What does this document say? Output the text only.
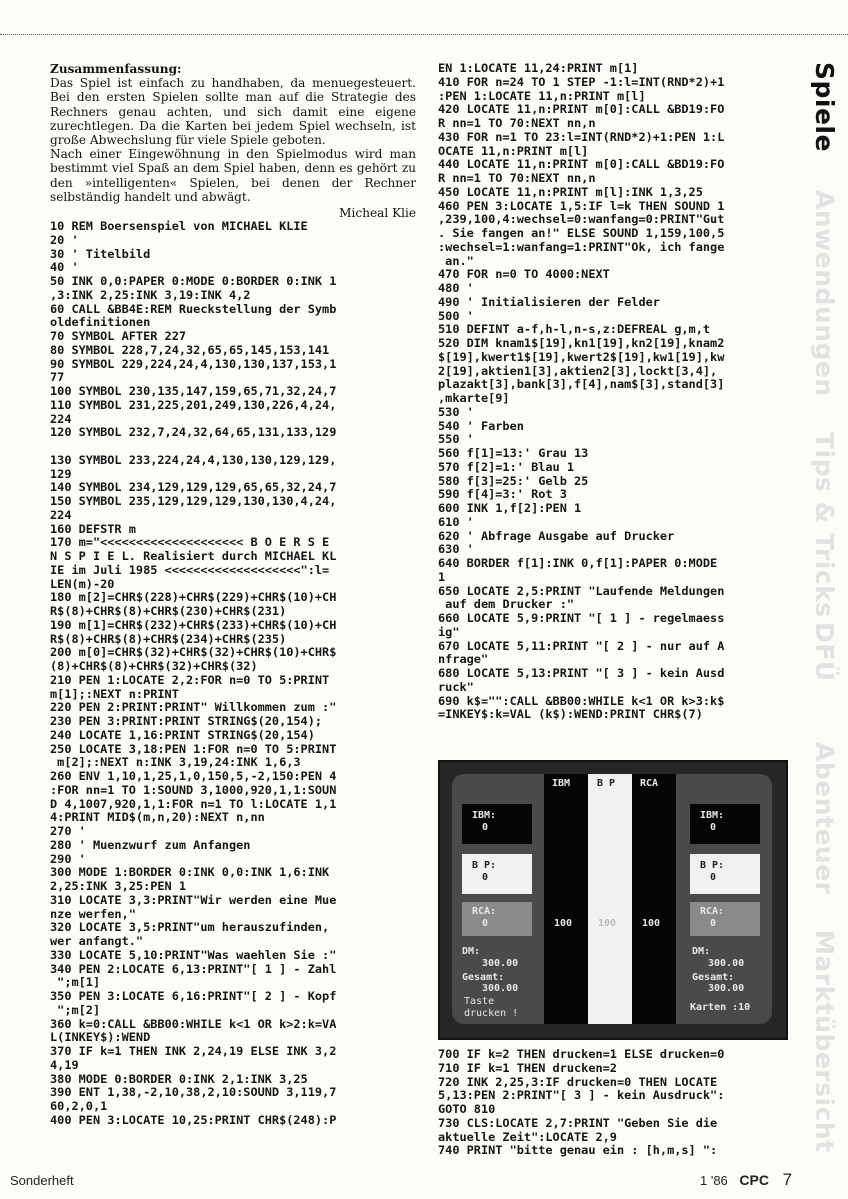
Zusammenfassung:

Das Spiel ist einfach zu handhaben, da menuegesteuert. Bei den ersten Spielen sollte man auf die Strategie des Rechners genau achten, und sich damit eine eigene zurechtlegen. Da die Karten bei jedem Spiel wechseln, ist große Abwechslung für viele Spiele geboten.

Nach einer Eingewöhnung in den Spielmodus wird man bestimmt viel Spaß an dem Spiel haben, denn es gehört zu den »intelligenten« Spielen, bei denen der Rechner selbständig handelt und abwägt.

Micheal Klie
10 REM Boersenspiel von MICHAEL KLIE
20 '
30 ' Titelbild
40 '
50 INK 0,0:PAPER 0:MODE 0:BORDER 0:INK 1
,3:INK 2,25:INK 3,19:INK 4,2
60 CALL &BB4E:REM Rueckstellung der Symb
oldefinitionen
70 SYMBOL AFTER 227
80 SYMBOL 228,7,24,32,65,65,145,153,141
90 SYMBOL 229,224,24,4,130,130,137,153,1
77
100 SYMBOL 230,135,147,159,65,71,32,24,7
110 SYMBOL 231,225,201,249,130,226,4,24,
224
120 SYMBOL 232,7,24,32,64,65,131,133,129

130 SYMBOL 233,224,24,4,130,130,129,129,
129
140 SYMBOL 234,129,129,129,65,65,32,24,7
150 SYMBOL 235,129,129,129,130,130,4,24,
224
160 DEFSTR m
170 m="<<<<<<<<<<<<<<<<<<<< B O E R S E
N S P I E L. Realisiert durch MICHAEL KL
IE im Juli 1985 <<<<<<<<<<<<<<<<<<<":l=
LEN(m)-20
180 m[2]=CHR$(228)+CHR$(229)+CHR$(10)+CH
R$(8)+CHR$(8)+CHR$(230)+CHR$(231)
190 m[1]=CHR$(232)+CHR$(233)+CHR$(10)+CH
R$(8)+CHR$(8)+CHR$(234)+CHR$(235)
200 m[0]=CHR$(32)+CHR$(32)+CHR$(10)+CHR$
(8)+CHR$(8)+CHR$(32)+CHR$(32)
210 PEN 1:LOCATE 2,2:FOR n=0 TO 5:PRINT
m[1];:NEXT n:PRINT
220 PEN 2:PRINT:PRINT" Willkommen zum :"
230 PEN 3:PRINT:PRINT STRING$(20,154);
240 LOCATE 1,16:PRINT STRING$(20,154)
250 LOCATE 3,18:PEN 1:FOR n=0 TO 5:PRINT
m[2];:NEXT n:INK 3,19,24:INK 1,6,3
260 ENV 1,10,1,25,1,0,150,5,-2,150:PEN 4
:FOR nn=1 TO 1:SOUND 3,1000,920,1,1:SOUN
D 4,1007,920,1,1:FOR n=1 TO l:LOCATE 1,1
4:PRINT MID$(m,n,20):NEXT n,nn
270 '
280 ' Muenzwurf zum Anfangen
290 '
300 MODE 1:BORDER 0:INK 0,0:INK 1,6:INK
2,25:INK 3,25:PEN 1
310 LOCATE 3,3:PRINT"Wir werden eine Mue
nze werfen,"
320 LOCATE 3,5:PRINT"um herauszufinden,
wer anfangt."
330 LOCATE 5,10:PRINT"Was waehlen Sie :"
340 PEN 2:LOCATE 6,13:PRINT"[ 1 ] - Zahl
";m[1]
350 PEN 3:LOCATE 6,16:PRINT"[ 2 ] - Kopf
";m[2]
360 k=0:CALL &BB00:WHILE k<1 OR k>2:k=VA
L(INKEY$):WEND
370 IF k=1 THEN INK 2,24,19 ELSE INK 3,2
4,19
380 MODE 0:BORDER 0:INK 2,1:INK 3,25
390 ENT 1,38,-2,10,38,2,10:SOUND 3,119,7
60,2,0,1
400 PEN 3:LOCATE 10,25:PRINT CHR$(248):P
EN 1:LOCATE 11,24:PRINT m[1]
410 FOR n=24 TO 1 STEP -1:l=INT(RND*2)+1
:PEN 1:LOCATE 11,n:PRINT m[l]
420 LOCATE 11,n:PRINT m[0]:CALL &BD19:FO
R nn=1 TO 70:NEXT nn,n
430 FOR n=1 TO 23:l=INT(RND*2)+1:PEN 1:L
OCATE 11,n:PRINT m[l]
440 LOCATE 11,n:PRINT m[0]:CALL &BD19:FO
R nn=1 TO 70:NEXT nn,n
450 LOCATE 11,n:PRINT m[l]:INK 1,3,25
460 PEN 3:LOCATE 1,5:IF l=k THEN SOUND 1
,239,100,4:wechsel=0:wanfang=0:PRINT"Gut
. Sie fangen an!" ELSE SOUND 1,159,100,5
:wechsel=1:wanfang=1:PRINT"Ok, ich fange
an."
470 FOR n=0 TO 4000:NEXT
480 '
490 ' Initialisieren der Felder
500 '
510 DEFINT a-f,h-l,n-s,z:DEFREAL g,m,t
520 DIM knam1$[19],kn1[19],kn2[19],knam2
$[19],kwert1$[19],kwert2$[19],kw1[19],kw
2[19],aktien1[3],aktien2[3],lockt[3,4],
plazakt[3],bank[3],f[4],nam$[3],stand[3]
,mkarte[9]
530 '
540 ' Farben
550 '
560 f[1]=13:' Grau 13
570 f[2]=1:' Blau 1
580 f[3]=25:' Gelb 25
590 f[4]=3:' Rot 3
600 INK 1,f[2]:PEN 1
610 '
620 ' Abfrage Ausgabe auf Drucker
630 '
640 BORDER f[1]:INK 0,f[1]:PAPER 0:MODE
1
650 LOCATE 2,5:PRINT "Laufende Meldungen
auf dem Drucker :"
660 LOCATE 5,9:PRINT "[ 1 ] - regelmaess
ig"
670 LOCATE 5,11:PRINT "[ 2 ] - nur auf A
nfrage"
680 LOCATE 5,13:PRINT "[ 3 ] - kein Ausd
ruck"
690 k$="":CALL &BB00:WHILE k<1 OR k>3:k$
=INKEY$:k=VAL (k$):WEND:PRINT CHR$(7)
IBM	B P RCA
IBM:
0
B P:
0
RCA:
0
IBM:
0
B P:
0
RCA:
0
100	100	100
DM:
300.00
Gesamt:
300.00
DM:
300.00
Gesamt:
300.00
Taste
drucken !
Karten :10
700 IF k=2 THEN drucken=1 ELSE drucken=0
710 IF k=1 THEN drucken=2
720 INK 2,25,3:IF drucken=0 THEN LOCATE
5,13:PEN 2:PRINT"[ 3 ] - kein Ausdruck":
GOTO 810
730 CLS:LOCATE 2,7:PRINT "Geben Sie die
aktuelle Zeit":LOCATE 2,9
740 PRINT "bitte genau ein : [h,m,s] ":
Spiele
Anwendungen
Tips & Tricks
DFÜ
Abenteuer
Marktübersicht
Sonderheft	1 '86 CPC 7
